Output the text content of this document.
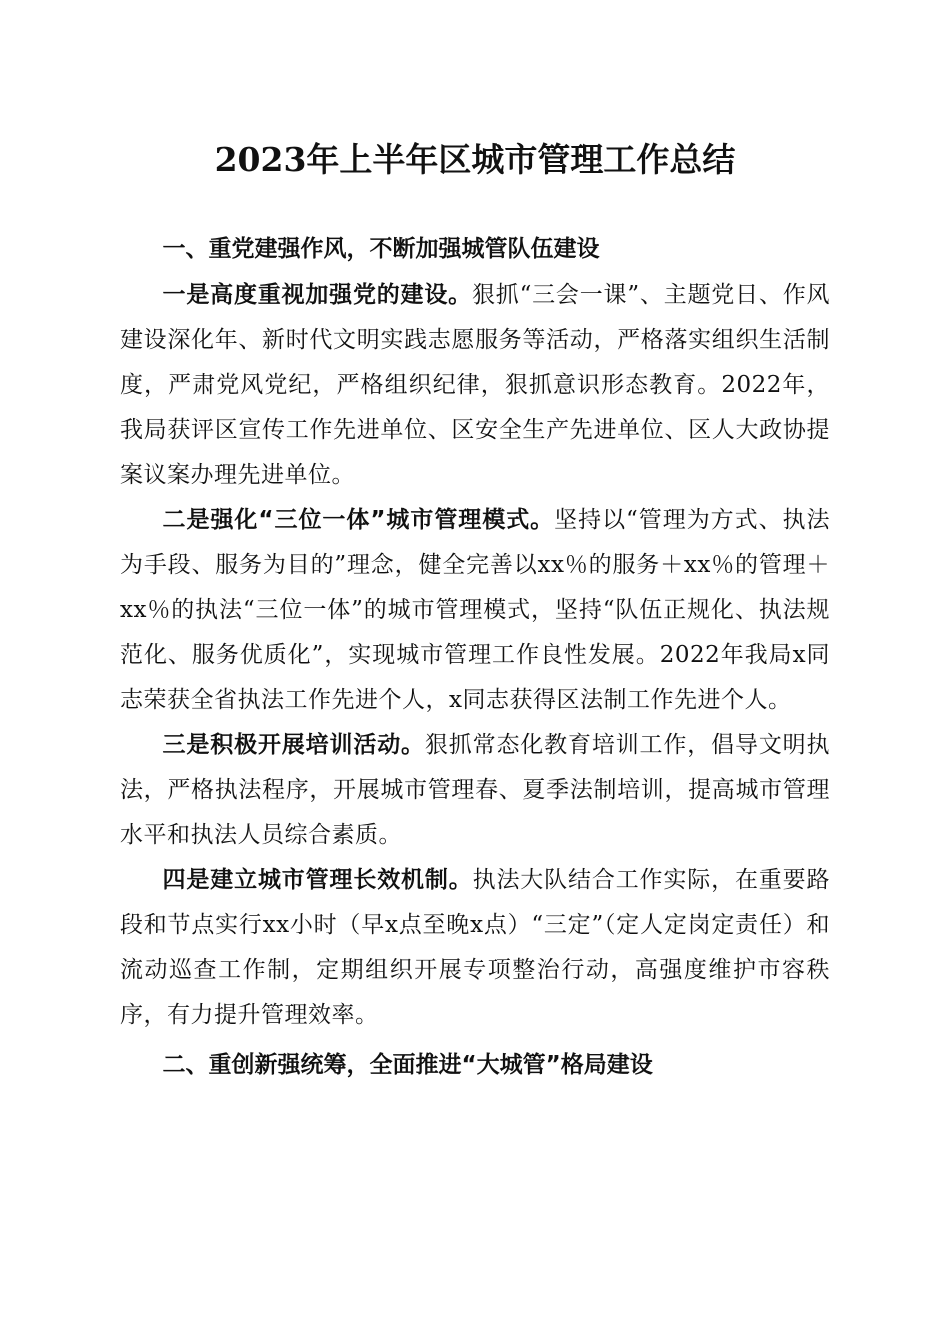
2023年上半年区城市管理工作总结
一、重党建强作风，不断加强城管队伍建设

一是高度重视加强党的建设。狠抓“三会一课”、主题党日、作风建设深化年、新时代文明实践志愿服务等活动，严格落实组织生活制度，严肃党风党纪，严格组织纪律，狠抓意识形态教育。2022年，我局获评区宣传工作先进单位、区安全生产先进单位、区人大政协提案议案办理先进单位。

二是强化“三位一体”城市管理模式。坚持以“管理为方式、执法为手段、服务为目的”理念，健全完善以xx％的服务＋xx％的管理＋xx％的执法“三位一体”的城市管理模式，坚持“队伍正规化、执法规范化、服务优质化”，实现城市管理工作良性发展。2022年我局x同志荣获全省执法工作先进个人，x同志获得区法制工作先进个人。

三是积极开展培训活动。狠抓常态化教育培训工作，倡导文明执法，严格执法程序，开展城市管理春、夏季法制培训，提高城市管理水平和执法人员综合素质。

四是建立城市管理长效机制。执法大队结合工作实际，在重要路段和节点实行xx小时（早x点至晚x点）“三定”（定人定岗定责任）和流动巡查工作制，定期组织开展专项整治行动，高强度维护市容秩序，有力提升管理效率。

二、重创新强统筹，全面推进“大城管”格局建设
